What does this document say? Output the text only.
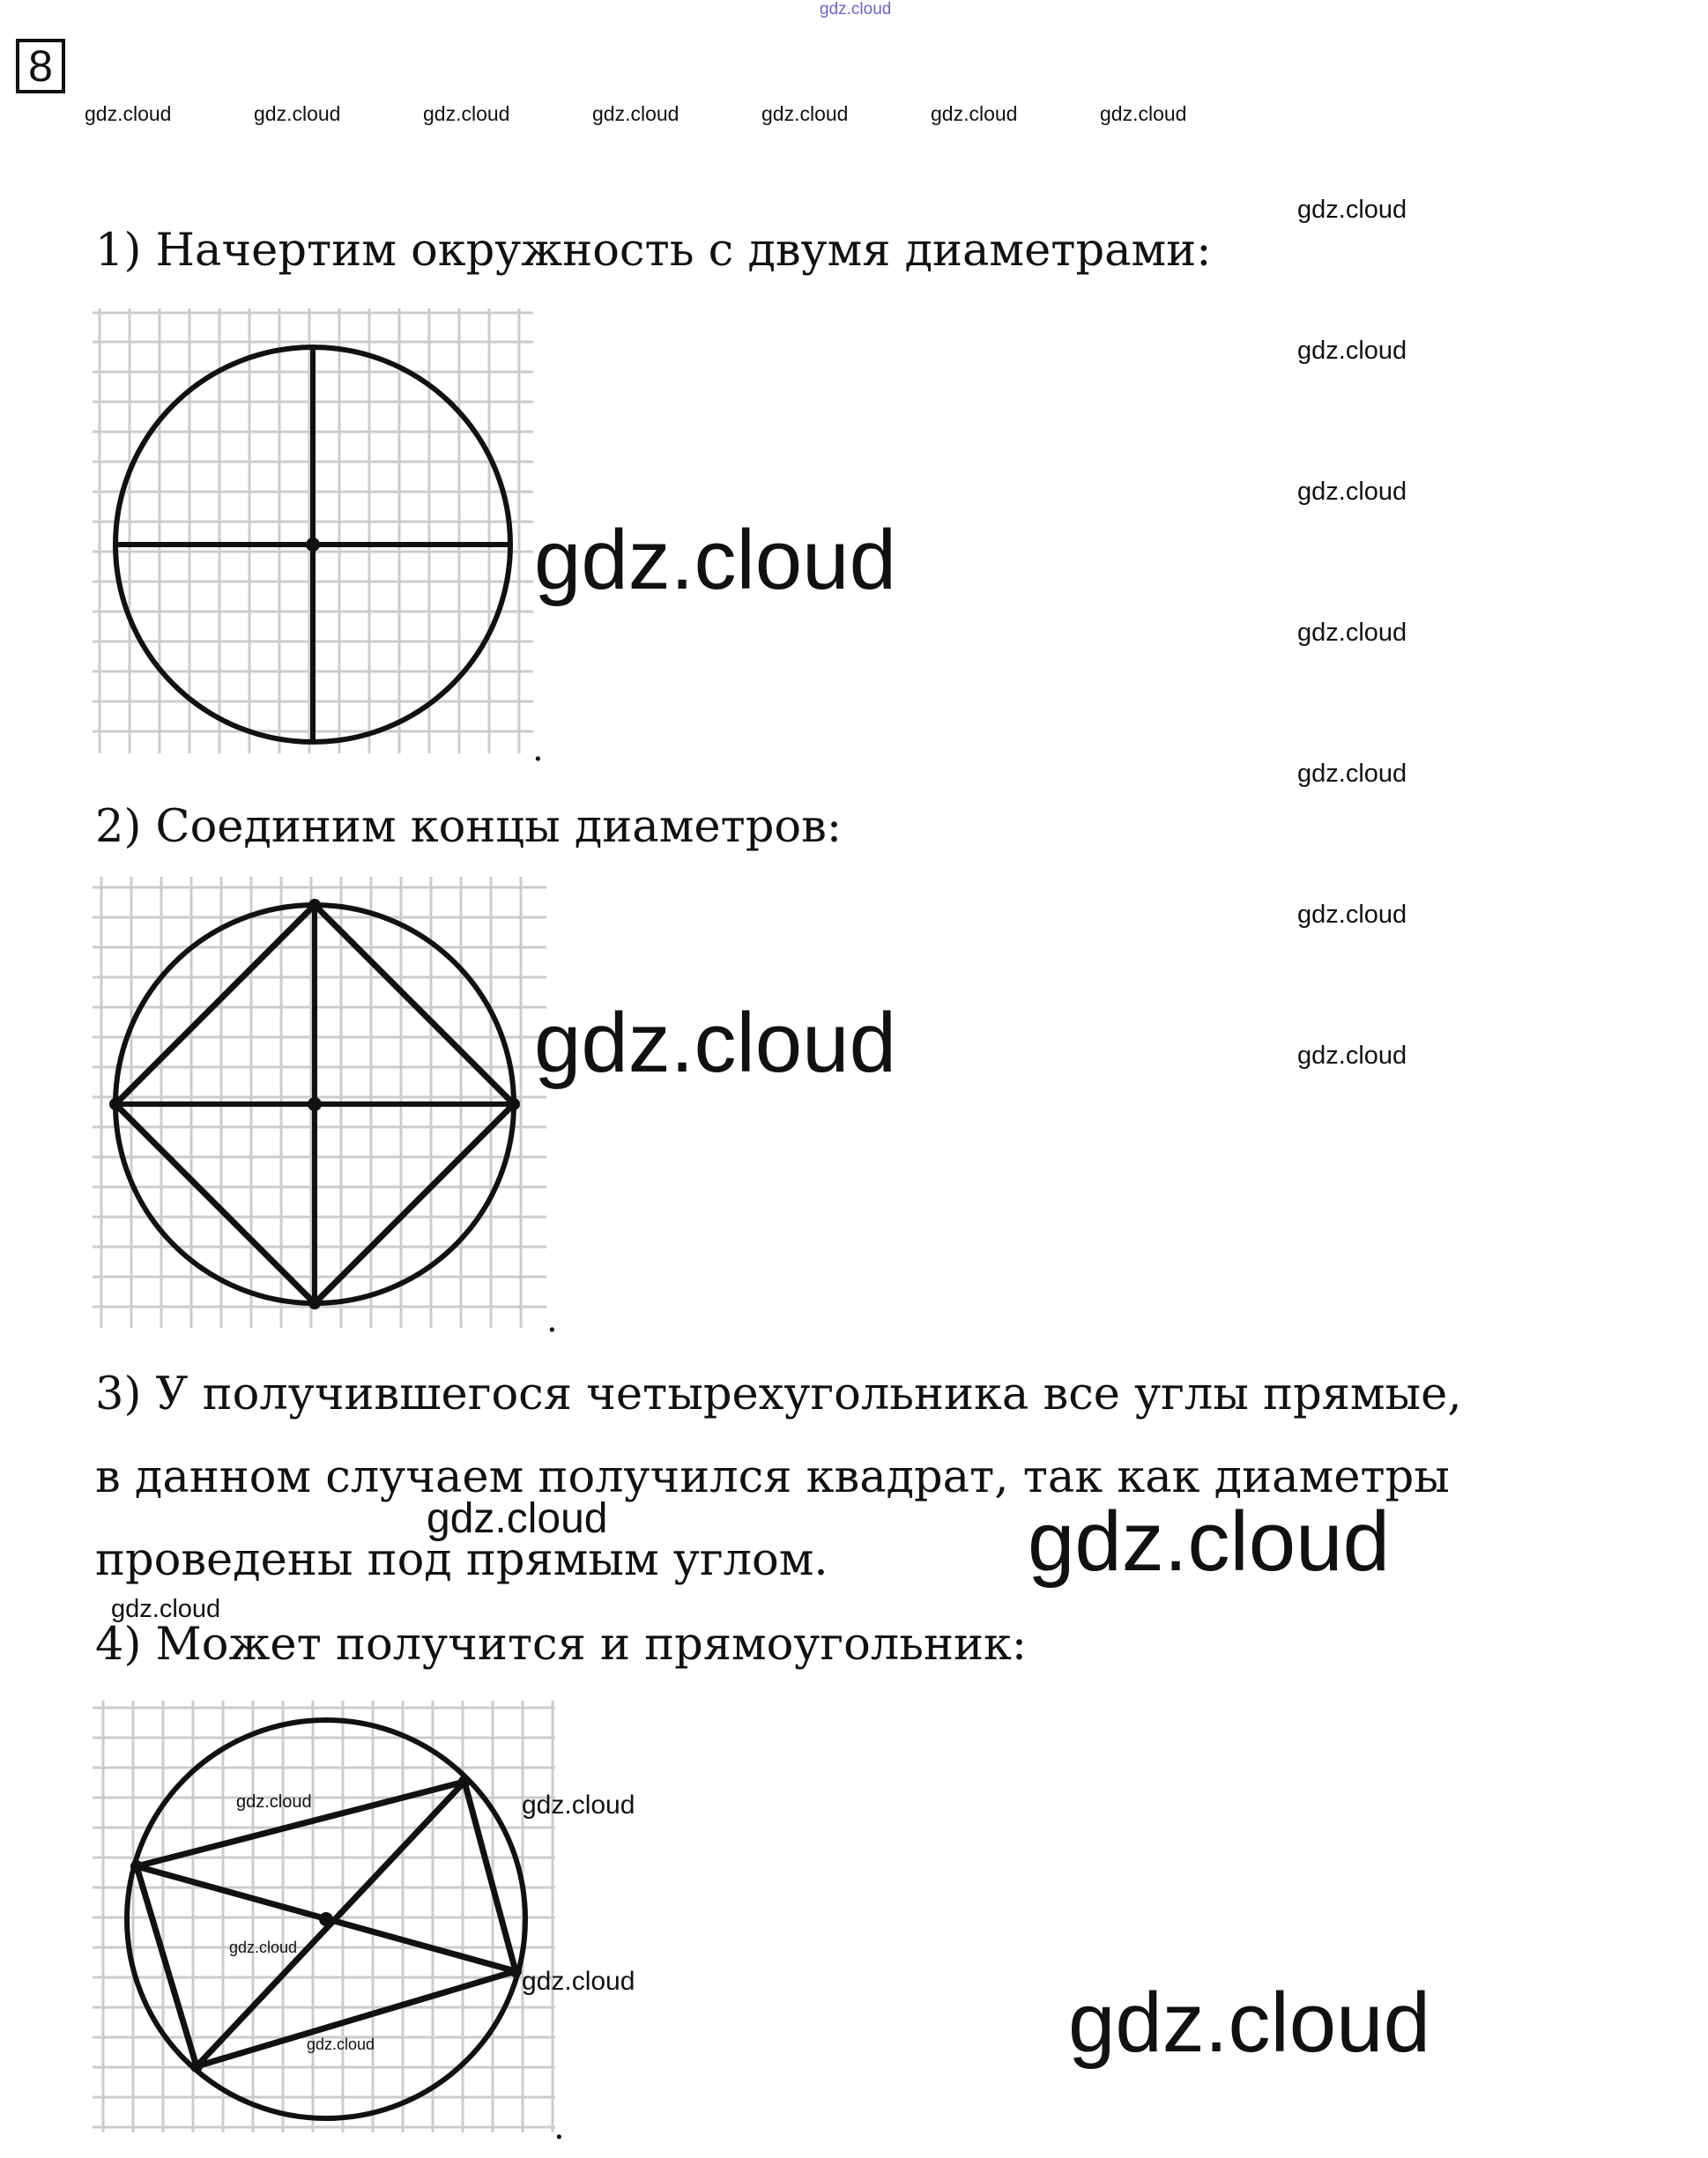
gdz.cloud
8
gdz.cloud	gdz.cloud	gdz.cloud	gdz.cloud	gdz.cloud	gdz.cloud	gdz.cloud
gdz.cloud
gdz.cloud
gdz.cloud
gdz.cloud
gdz.cloud
gdz.cloud
gdz.cloud
1) Начертим окружность с двумя диаметрами:
.
gdz.cloud
2) Соединим концы диаметров:
.
gdz.cloud
3) У получившегося четырехугольника все углы прямые,
в данном случаем получился квадрат, так как диаметры
проведены под прямым углом.
gdz.cloud	gdz.cloud
gdz.cloud
4) Может получится и прямоугольник:
.
gdz.cloud	gdz.cloud
gdz.cloud
gdz.cloud
gdz.cloud	gdz.cloud
